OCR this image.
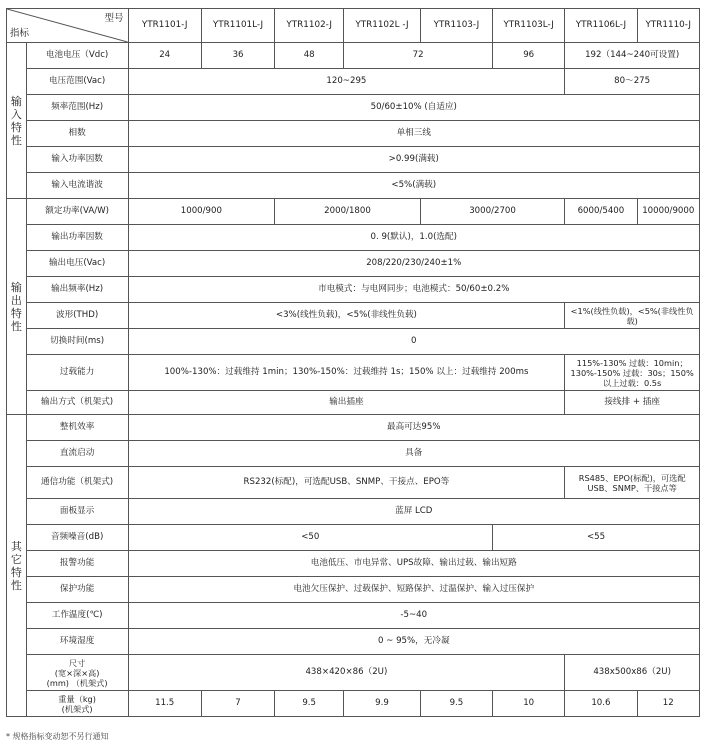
型号
指标		YTR1101-J	YTR1101L-J	YTR1102-J	YTR1102L -J	YTR1103-J	YTR1103L-J	YTR1106L-J	YTR1110-J

输
入
特
性	电池电压（Vdc)	24	36	48	72		96	192（144~240可设置)	
	电压范围(Vac)	120~295						80～275	
	频率范围(Hz)	50/60±10% (自适应)							
	相数	单相三线							
	输入功率因数	>0.99(满载)							
	输入电流谐波	<5%(满载)							

输
出
特
性	额定功率(VA/W)	1000/900		2000/1800		3000/2700		6000/5400	10000/9000
	输出功率因数	0. 9(默认)，1.0(选配)							
	输出电压(Vac)	208/220/230/240±1%							
	输出频率(Hz)	市电模式：与电网同步；电池模式：50/60±0.2%							
	波形(THD)	<3%(线性负载)，<5%(非线性负载)						<1%(线性负载)，<5%(非线性负载)	
	切换时间(ms)	0							
	过载能力	100%-130%：过载维持 1min；130%-150%：过载维持 1s；150% 以上：过载维持 200ms						115%-130% 过载：10min；130%-150% 过载：30s；150% 以上过载：0.5s	
	输出方式（机架式)	输出插座						接线排 + 插座	

其
它
特
性	整机效率	最高可达95%							
	直流启动	具备							
	通信功能（机架式)	RS232(标配)，可选配USB、SNMP、干接点、EPO等						RS485、EPO(标配)，可选配 USB、SNMP、干接点等	
	面板显示	蓝屏 LCD							
	音频噪音(dB)	<50					<55		
	报警功能	电池低压、市电异常、UPS故障、输出过载、输出短路							
	保护功能	电池欠压保护、过载保护、短路保护、过温保护、输入过压保护							
	工作温度(℃)	-5~40							
	环境湿度	0 ~ 95%，无冷凝							

	尺寸
(宽×深×高)
(mm) （机架式)	438×420×86（2U)						438x500x86（2U)	

	重量（kg)
(机架式)	11.5	7	9.5	9.9	9.5	10	10.6	12
* 规格指标变动恕不另行通知
